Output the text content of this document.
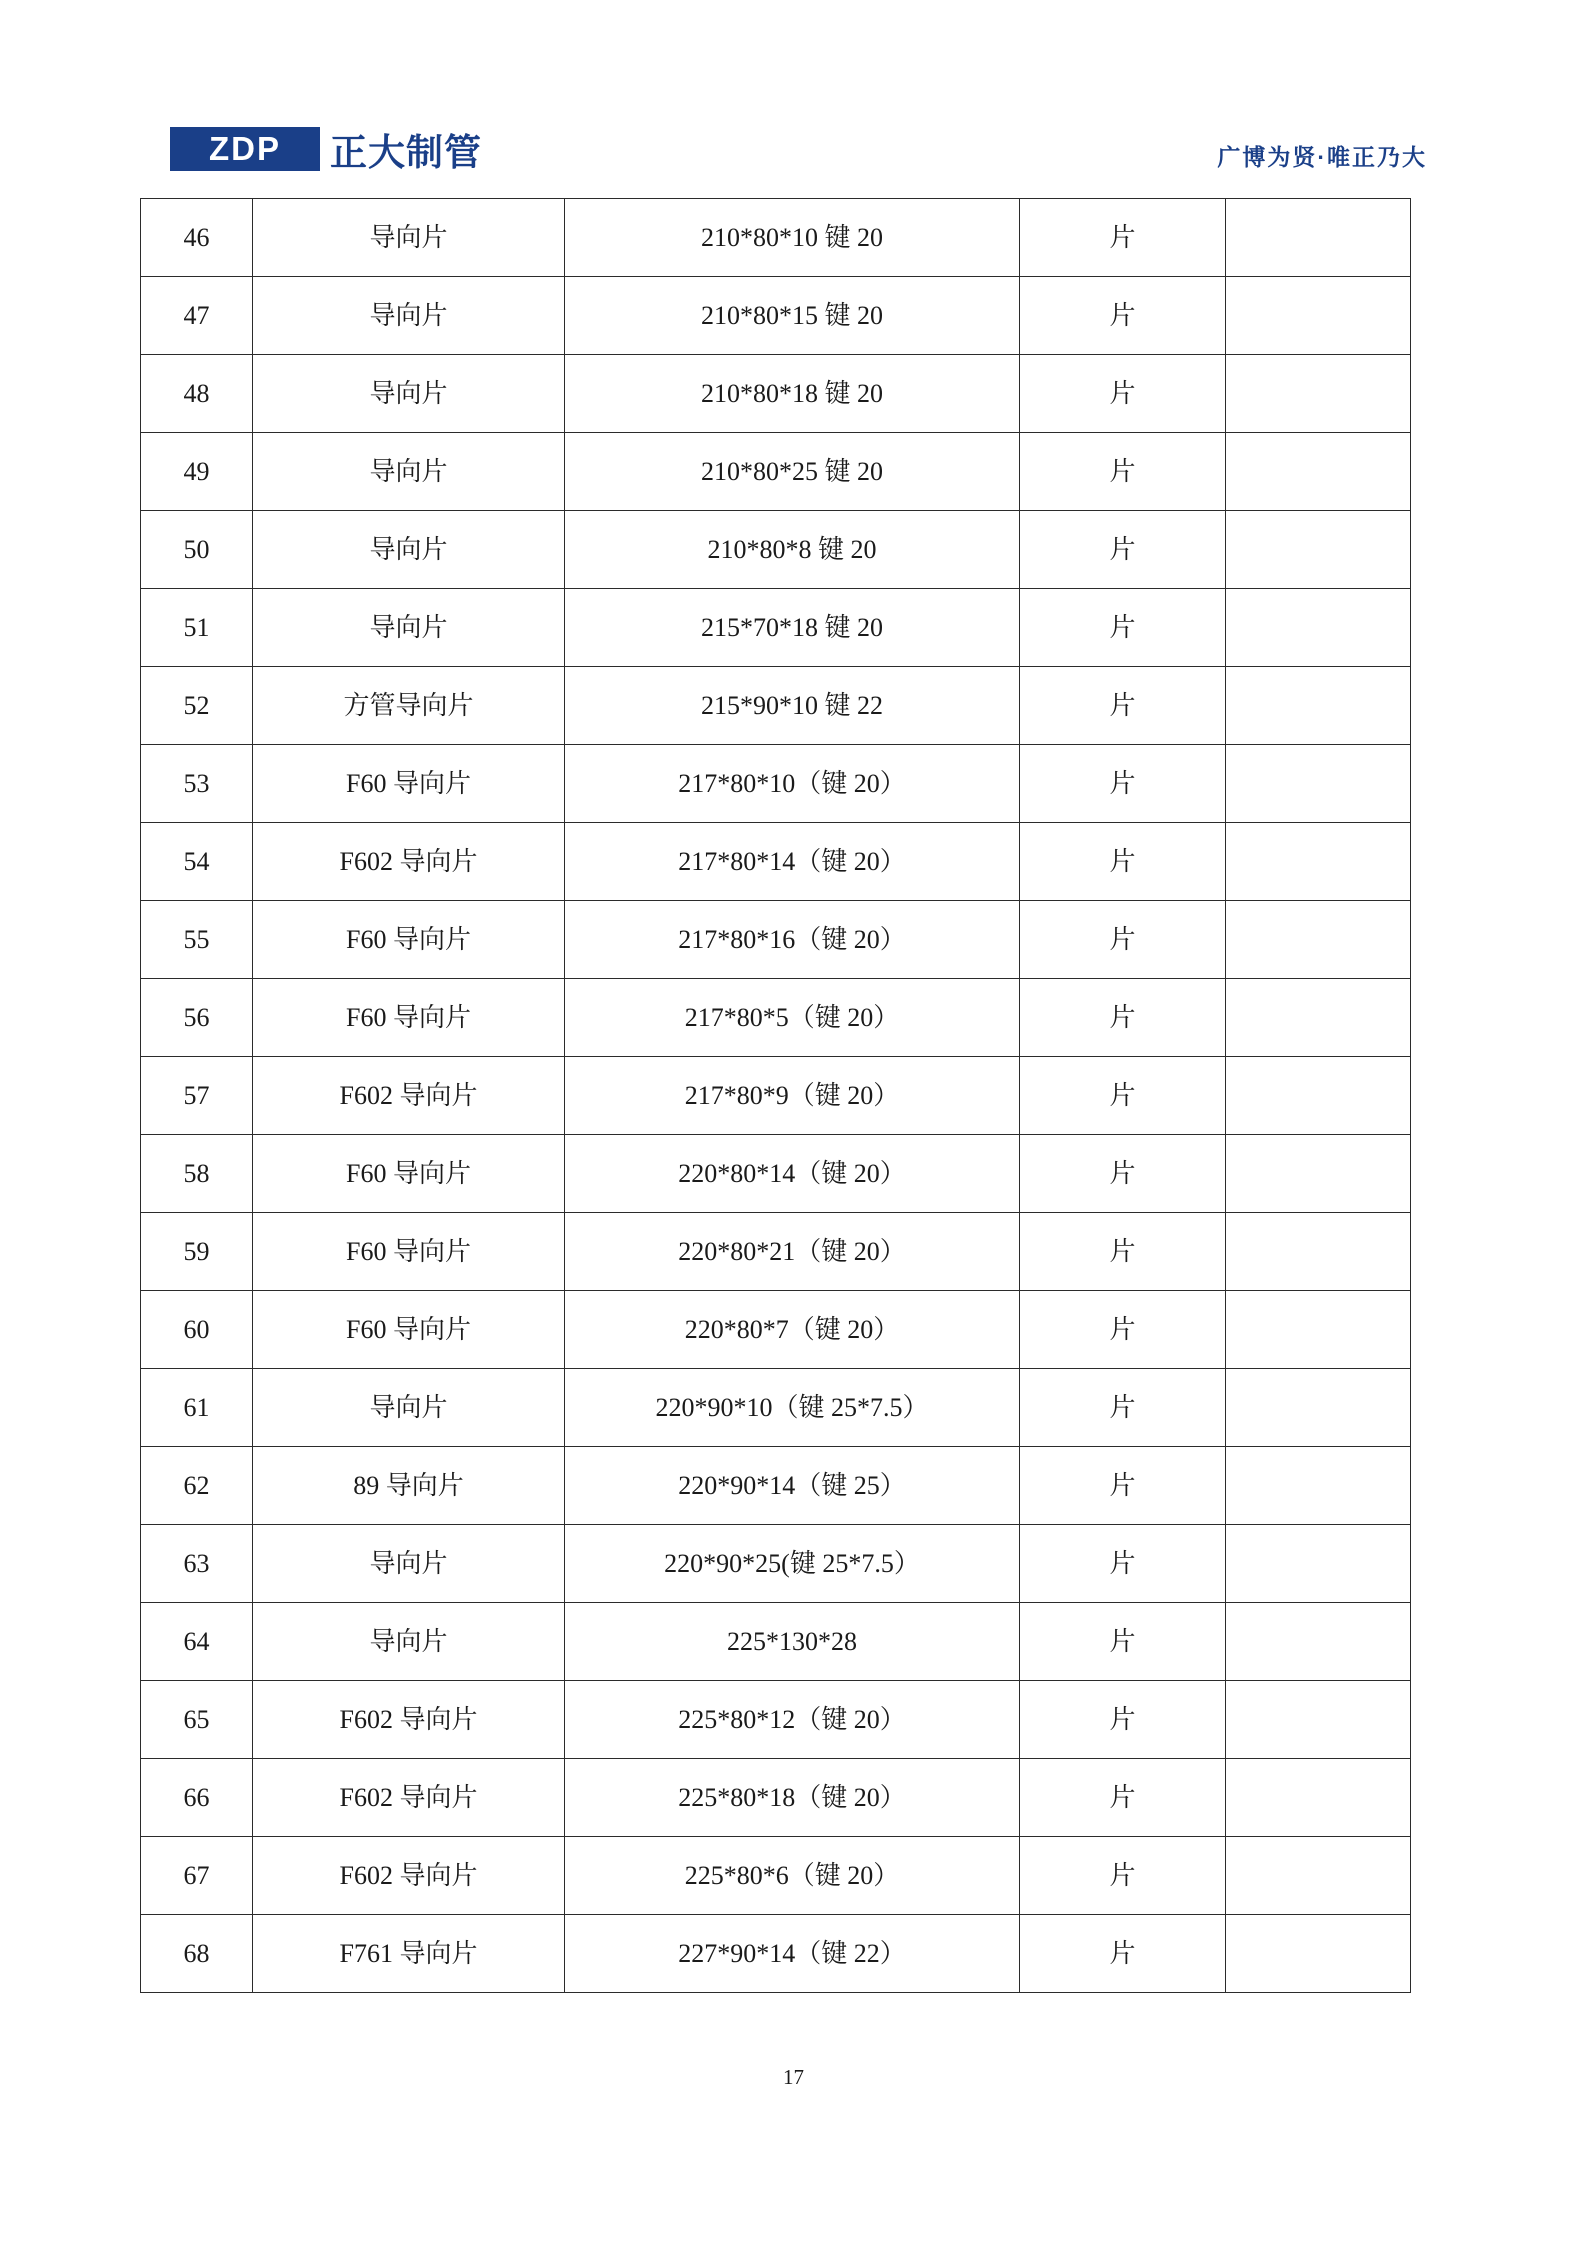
ZDP 正大制管	广博为贤·唯正乃大
46	导向片	210*80*10 键 20	片	
47	导向片	210*80*15 键 20	片	
48	导向片	210*80*18 键 20	片	
49	导向片	210*80*25 键 20	片	
50	导向片	210*80*8 键 20	片	
51	导向片	215*70*18 键 20	片	
52	方管导向片	215*90*10 键 22	片	
53	F60 导向片	217*80*10（键 20）	片	
54	F602 导向片	217*80*14（键 20）	片	
55	F60 导向片	217*80*16（键 20）	片	
56	F60 导向片	217*80*5（键 20）	片	
57	F602 导向片	217*80*9（键 20）	片	
58	F60 导向片	220*80*14（键 20）	片	
59	F60 导向片	220*80*21（键 20）	片	
60	F60 导向片	220*80*7（键 20）	片	
61	导向片	220*90*10（键 25*7.5）	片	
62	89 导向片	220*90*14（键 25）	片	
63	导向片	220*90*25(键 25*7.5）	片	
64	导向片	225*130*28	片	
65	F602 导向片	225*80*12（键 20）	片	
66	F602 导向片	225*80*18（键 20）	片	
67	F602 导向片	225*80*6（键 20）	片	
68	F761 导向片	227*90*14（键 22）	片	
17
